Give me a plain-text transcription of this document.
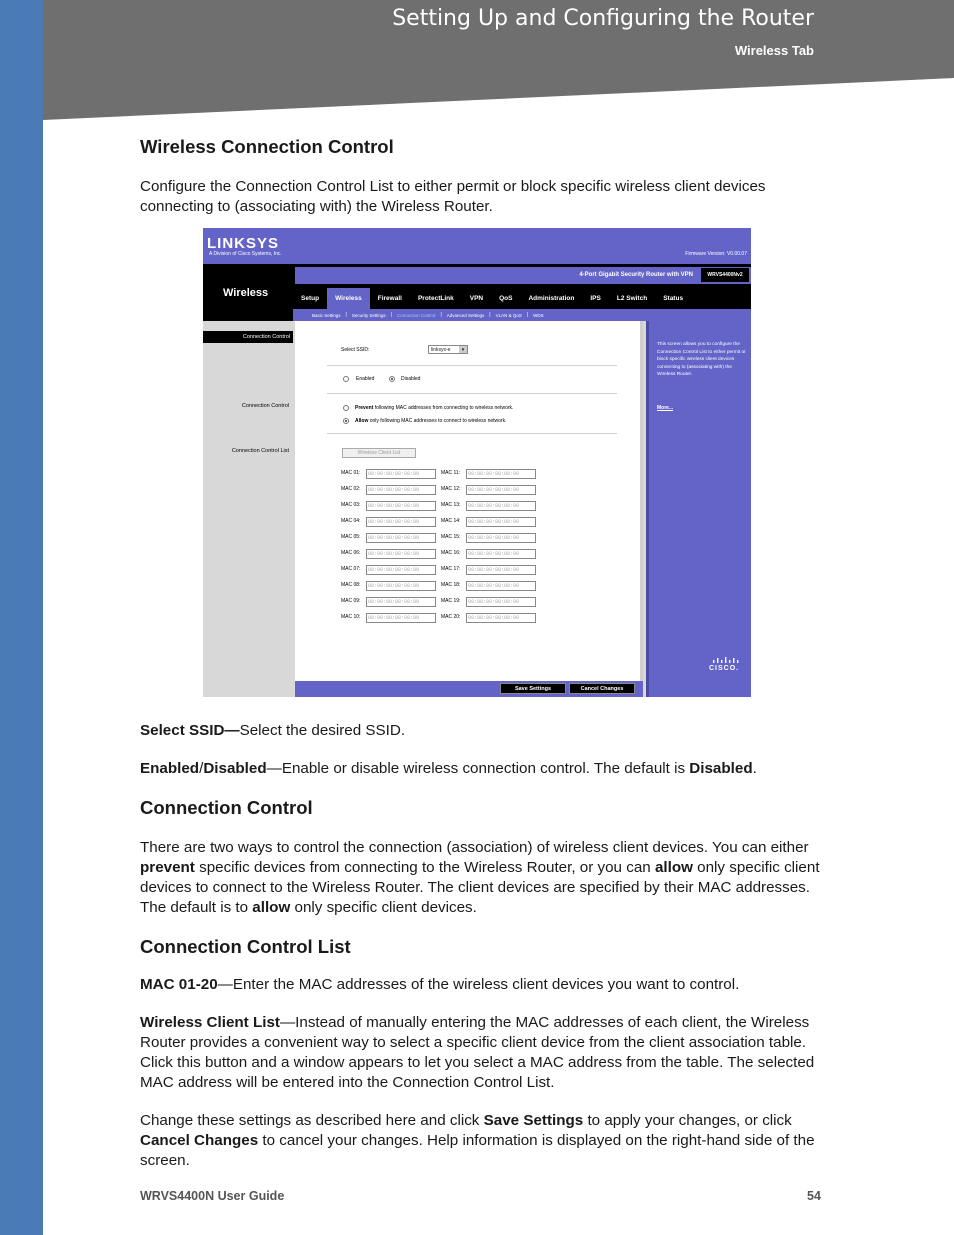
Setting Up and Configuring the Router
Wireless Tab
Wireless Connection Control
Configure the Connection Control List to either permit or block specific wireless client devices connecting to (associating with) the Wireless Router.
LINKSYS
A Division of Cisco Systems, Inc.	Firmware Version: V0.00.07
Wireless
4-Port Gigabit Security Router with VPN	WRVS4400Nv2
Setup	Wireless	Firewall	ProtectLink	VPN	QoS	Administration	IPS	L2 Switch	Status
Basic Settings	|	Security Settings	|	Connection Control	|	Advanced Settings	|	VLAN & QoS	|	WDS
Connection Control
Connection Control
Connection Control List
Select SSID:	linksys-e	▾
Enabled	Disabled
Prevent following MAC addresses from connecting to wireless network.
Allow only following MAC addresses to connect to wireless network.
Wireless Client List
MAC 01:	00:00:00:00:00:00	MAC 11:	00:00:00:00:00:00
MAC 02:	00:00:00:00:00:00	MAC 12:	00:00:00:00:00:00
MAC 03:	00:00:00:00:00:00	MAC 13:	00:00:00:00:00:00
MAC 04:	00:00:00:00:00:00	MAC 14:	00:00:00:00:00:00
MAC 05:	00:00:00:00:00:00	MAC 15:	00:00:00:00:00:00
MAC 06:	00:00:00:00:00:00	MAC 16:	00:00:00:00:00:00
MAC 07:	00:00:00:00:00:00	MAC 17:	00:00:00:00:00:00
MAC 08:	00:00:00:00:00:00	MAC 18:	00:00:00:00:00:00
MAC 09:	00:00:00:00:00:00	MAC 19:	00:00:00:00:00:00
MAC 10:	00:00:00:00:00:00	MAC 20:	00:00:00:00:00:00
This screen allows you to configure the Connection Control List to either permit or block specific wireless client devices connecting to (associating with) the Wireless Router.
More...
CISCO.
Save Settings	Cancel Changes
Select SSID—Select the desired SSID.
Enabled/Disabled—Enable or disable wireless connection control. The default is Disabled.
Connection Control
There are two ways to control the connection (association) of wireless client devices. You can either prevent specific devices from connecting to the Wireless Router, or you can allow only specific client devices to connect to the Wireless Router. The client devices are specified by their MAC addresses. The default is to allow only specific client devices.
Connection Control List
MAC 01-20—Enter the MAC addresses of the wireless client devices you want to control.
Wireless Client List—Instead of manually entering the MAC addresses of each client, the Wireless Router provides a convenient way to select a specific client device from the client association table. Click this button and a window appears to let you select a MAC address from the table. The selected MAC address will be entered into the Connection Control List.
Change these settings as described here and click Save Settings to apply your changes, or click Cancel Changes to cancel your changes. Help information is displayed on the right-hand side of the screen.
WRVS4400N User Guide	54
